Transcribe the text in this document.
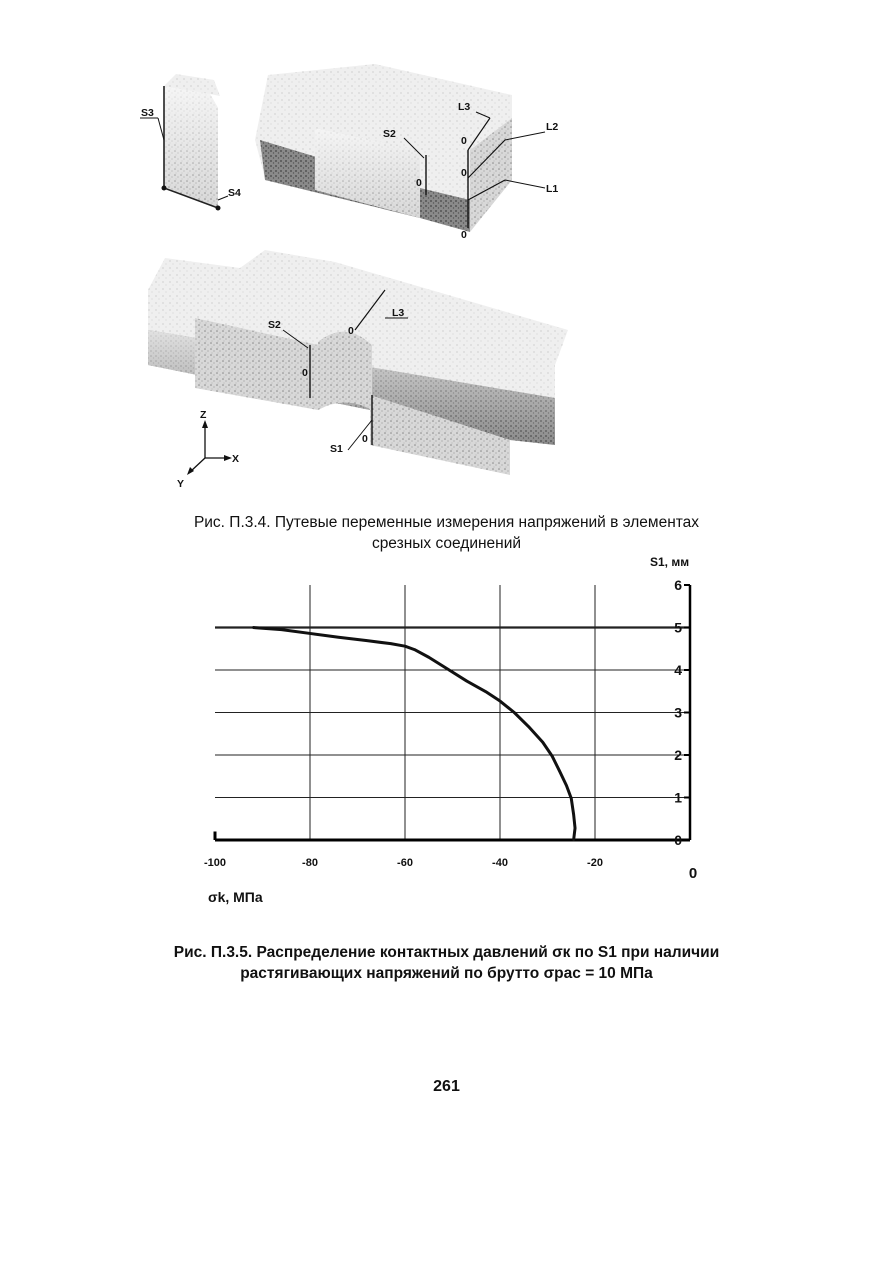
S3
S4
S2
L3
L2
L1
0
0
0
0
S2
L3
0
0
S1
0
Z
X
Y
Рис. П.3.4. Путевые переменные измерения напряжений в элементах
срезных соединений
0
1
2
3
4
5
6
-100	-80	-60	-40	-20
0
S1, мм
σk, МПа
Рис. П.3.5. Распределение контактных давлений σк по S1 при наличии
растягивающих напряжений по брутто σрас = 10 МПа
261
